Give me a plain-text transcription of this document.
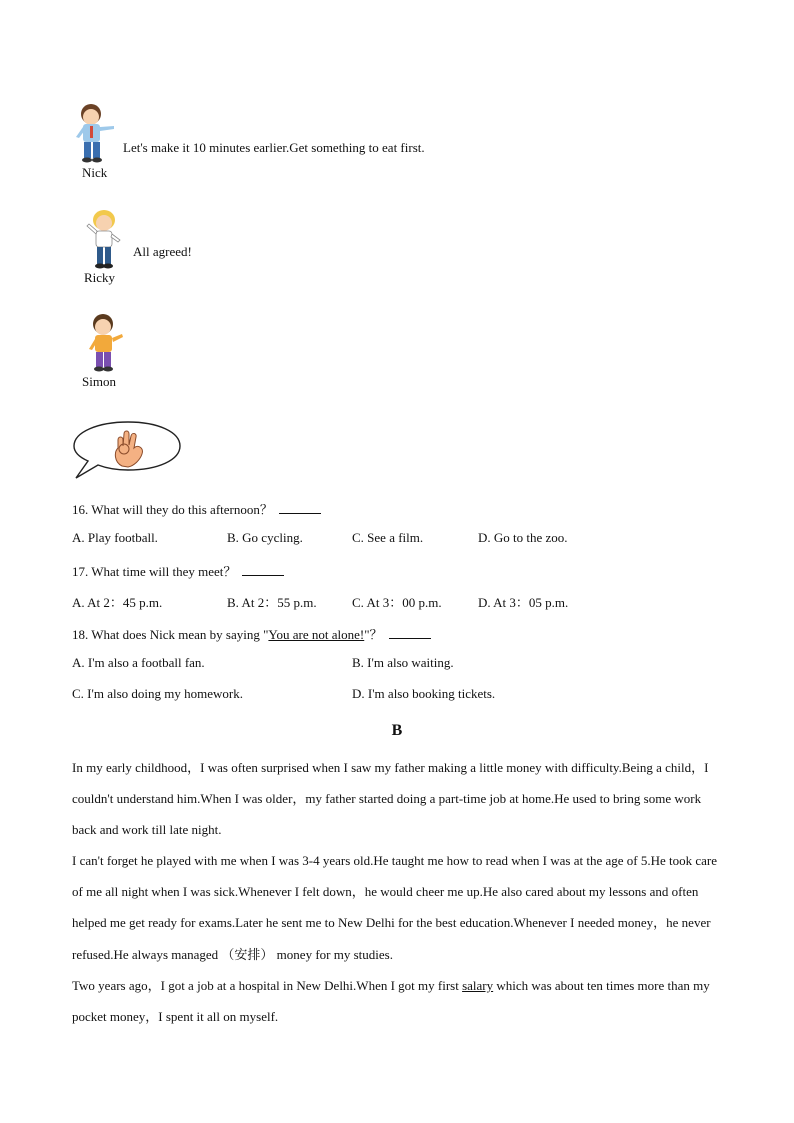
Nick
Let's make it 10 minutes earlier.Get something to eat first.
Ricky
All agreed!
Simon
16. What will they do this afternoon？
A. Play football.	B. Go cycling.	C. See a film.	D. Go to the zoo.
17. What time will they meet？
A. At 2：45 p.m.	B. At 2：55 p.m.	C. At 3：00 p.m.	D. At 3：05 p.m.
18. What does Nick mean by saying "You are not alone!"？
A. I'm also a football fan.	B. I'm also waiting.
C. I'm also doing my homework.	D. I'm also booking tickets.
B
In my early childhood，I was often surprised when I saw my father making a little money with difficulty.Being a child，I couldn't understand him.When I was older，my father started doing a part-time job at home.He used to bring some work back and work till late night.
I can't forget he played with me when I was 3-4 years old.He taught me how to read when I was at the age of 5.He took care of me all night when I was sick.Whenever I felt down，he would cheer me up.He also cared about my lessons and often helped me get ready for exams.Later he sent me to New Delhi for the best education.Whenever I needed money，he never refused.He always managed （安排） money for my studies.
Two years ago，I got a job at a hospital in New Delhi.When I got my first salary which was about ten times more than my pocket money，I spent it all on myself.
